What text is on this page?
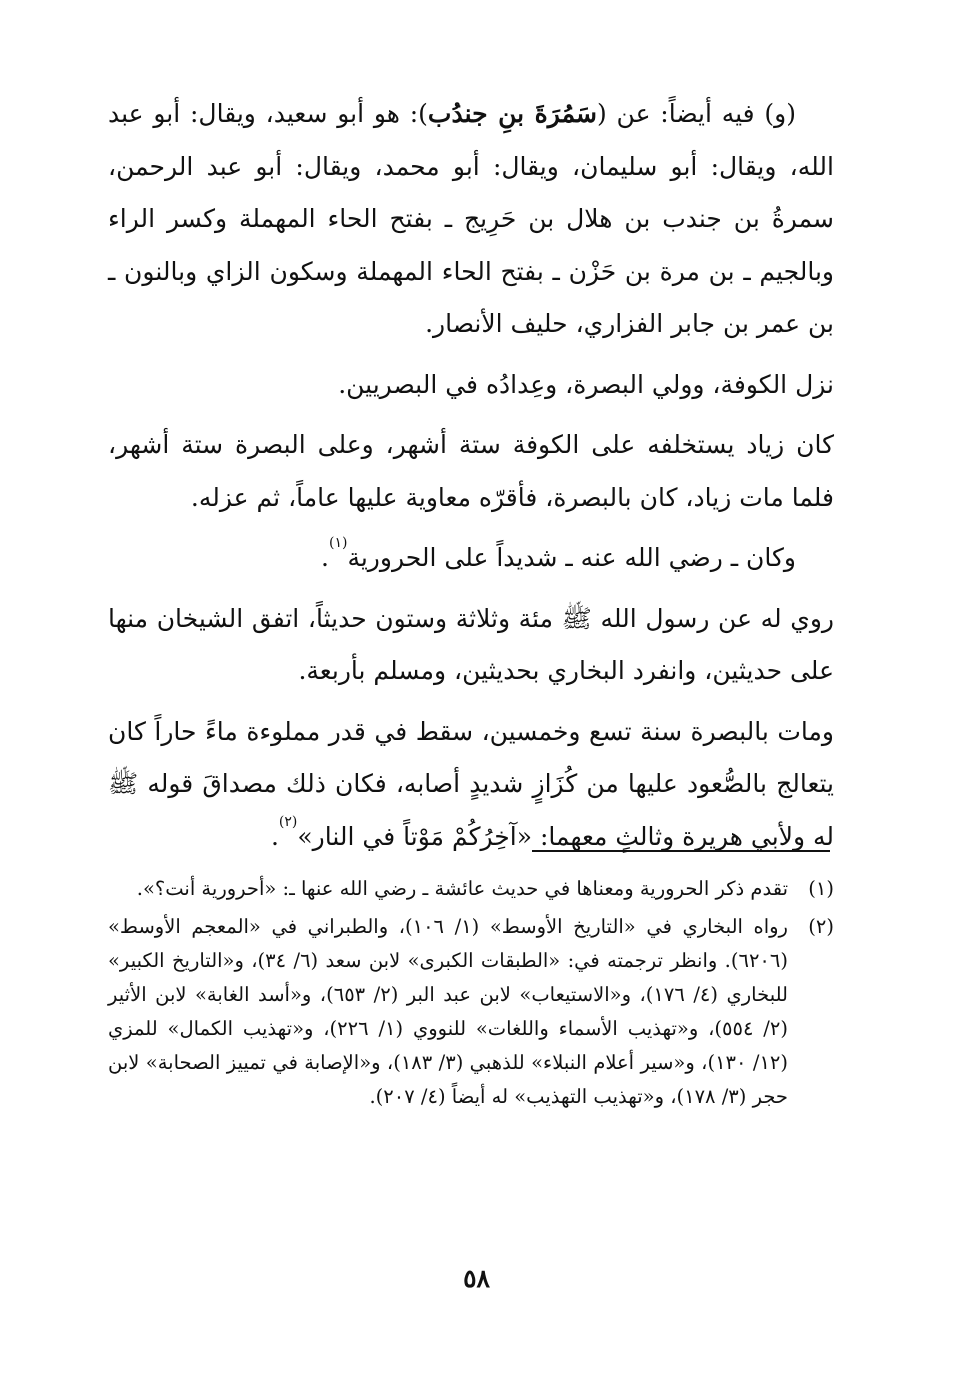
(و) فيه أيضاً: عن (سَمُرَةَ بنِ جندُب): هو أبو سعيد، ويقال: أبو عبد الله، ويقال: أبو سليمان، ويقال: أبو محمد، ويقال: أبو عبد الرحمن، سمرةُ بن جندب بن هلال بن حَرِيج ـ بفتح الحاء المهملة وكسر الراء وبالجيم ـ بن مرة بن حَزْن ـ بفتح الحاء المهملة وسكون الزاي وبالنون ـ بن عمر بن جابر الفزاري، حليف الأنصار.

نزل الكوفة، وولي البصرة، وعِدادُه في البصريين.

كان زياد يستخلفه على الكوفة ستة أشهر، وعلى البصرة ستة أشهر، فلما مات زياد، كان بالبصرة، فأقرّه معاوية عليها عاماً، ثم عزله.

وكان ـ رضي الله عنه ـ شديداً على الحرورية$^{(١)}$.

روي له عن رسول الله ﷺ مئة وثلاثة وستون حديثاً، اتفق الشيخان منها على حديثين، وانفرد البخاري بحديثين، ومسلم بأربعة.

ومات بالبصرة سنة تسع وخمسين، سقط في قدر مملوءة ماءً حاراً كان يتعالج بالصُّعود عليها من كُزَازٍ شديدٍ أصابه، فكان ذلك مصداقَ قوله ﷺ له ولأبي هريرة وثالثٍ معهما: «آخِرُكُمْ مَوْتاً في النار»$^{(٢)}$.

(١)
تقدم ذكر الحرورية ومعناها في حديث عائشة ـ رضي الله عنها ـ: «أحرورية أنت؟».
(٢)
رواه البخاري في «التاريخ الأوسط» (١/ ١٠٦)، والطبراني في «المعجم الأوسط» (٦٢٠٦). وانظر ترجمته في: «الطبقات الكبرى» لابن سعد (٦/ ٣٤)، و«التاريخ الكبير» للبخاري (٤/ ١٧٦)، و«الاستيعاب» لابن عبد البر (٢/ ٦٥٣)، و«أسد الغابة» لابن الأثير (٢/ ٥٥٤)، و«تهذيب الأسماء واللغات» للنووي (١/ ٢٢٦)، و«تهذيب الكمال» للمزي (١٢/ ١٣٠)، و«سير أعلام النبلاء» للذهبي (٣/ ١٨٣)، و«الإصابة في تمييز الصحابة» لابن حجر (٣/ ١٧٨)، و«تهذيب التهذيب» له أيضاً (٤/ ٢٠٧).
٥٨
